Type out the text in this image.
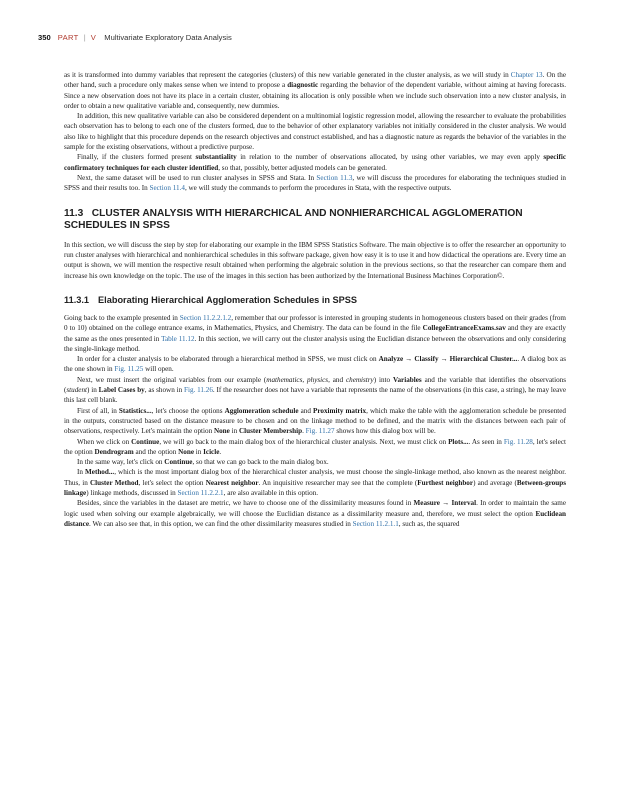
350 PART | V Multivariate Exploratory Data Analysis

as it is transformed into dummy variables that represent the categories (clusters) of this new variable generated in the cluster analysis, as we will study in Chapter 13. On the other hand, such a procedure only makes sense when we intend to propose a diagnostic regarding the behavior of the dependent variable, without aiming at having forecasts. Since a new observation does not have its place in a certain cluster, obtaining its allocation is only possible when we include such observation into a new cluster analysis, in order to obtain a new qualitative variable and, consequently, new dummies.

In addition, this new qualitative variable can also be considered dependent on a multinomial logistic regression model, allowing the researcher to evaluate the probabilities each observation has to belong to each one of the clusters formed, due to the behavior of other explanatory variables not initially considered in the cluster analysis. We would also like to highlight that this procedure depends on the research objectives and construct established, and has a diagnostic nature as regards the behavior of the variables in the sample for the existing observations, without a predictive purpose.

Finally, if the clusters formed present substantiality in relation to the number of observations allocated, by using other variables, we may even apply specific confirmatory techniques for each cluster identified, so that, possibly, better adjusted models can be generated.

Next, the same dataset will be used to run cluster analyses in SPSS and Stata. In Section 11.3, we will discuss the procedures for elaborating the techniques studied in SPSS and their results too. In Section 11.4, we will study the commands to perform the procedures in Stata, with the respective outputs.

11.3 CLUSTER ANALYSIS WITH HIERARCHICAL AND NONHIERARCHICAL AGGLOMERATION SCHEDULES IN SPSS

In this section, we will discuss the step by step for elaborating our example in the IBM SPSS Statistics Software. The main objective is to offer the researcher an opportunity to run cluster analyses with hierarchical and nonhierarchical schedules in this software package, given how easy it is to use it and how didactical the operations are. Every time an output is shown, we will mention the respective result obtained when performing the algebraic solution in the previous sections, so that the researcher can compare them and increase his own knowledge on the topic. The use of the images in this section has been authorized by the International Business Machines Corporation©.

11.3.1 Elaborating Hierarchical Agglomeration Schedules in SPSS

Going back to the example presented in Section 11.2.2.1.2, remember that our professor is interested in grouping students in homogeneous clusters based on their grades (from 0 to 10) obtained on the college entrance exams, in Mathematics, Physics, and Chemistry. The data can be found in the file CollegeEntranceExams.sav and they are exactly the same as the ones presented in Table 11.12. In this section, we will carry out the cluster analysis using the Euclidian distance between the observations and only considering the single-linkage method.

In order for a cluster analysis to be elaborated through a hierarchical method in SPSS, we must click on Analyze → Classify → Hierarchical Cluster.... A dialog box as the one shown in Fig. 11.25 will open.

Next, we must insert the original variables from our example (mathematics, physics, and chemistry) into Variables and the variable that identifies the observations (student) in Label Cases by, as shown in Fig. 11.26. If the researcher does not have a variable that represents the name of the observations (in this case, a string), he may leave this last cell blank.

First of all, in Statistics..., let's choose the options Agglomeration schedule and Proximity matrix, which make the table with the agglomeration schedule be presented in the outputs, constructed based on the distance measure to be chosen and on the linkage method to be defined, and the matrix with the distances between each pair of observations, respectively. Let's maintain the option None in Cluster Membership. Fig. 11.27 shows how this dialog box will be.

When we click on Continue, we will go back to the main dialog box of the hierarchical cluster analysis. Next, we must click on Plots.... As seen in Fig. 11.28, let's select the option Dendrogram and the option None in Icicle.

In the same way, let's click on Continue, so that we can go back to the main dialog box.

In Method..., which is the most important dialog box of the hierarchical cluster analysis, we must choose the single-linkage method, also known as the nearest neighbor. Thus, in Cluster Method, let's select the option Nearest neighbor. An inquisitive researcher may see that the complete (Furthest neighbor) and average (Between-groups linkage) linkage methods, discussed in Section 11.2.2.1, are also available in this option.

Besides, since the variables in the dataset are metric, we have to choose one of the dissimilarity measures found in Measure → Interval. In order to maintain the same logic used when solving our example algebraically, we will choose the Euclidian distance as a dissimilarity measure and, therefore, we must select the option Euclidean distance. We can also see that, in this option, we can find the other dissimilarity measures studied in Section 11.2.1.1, such as, the squared
